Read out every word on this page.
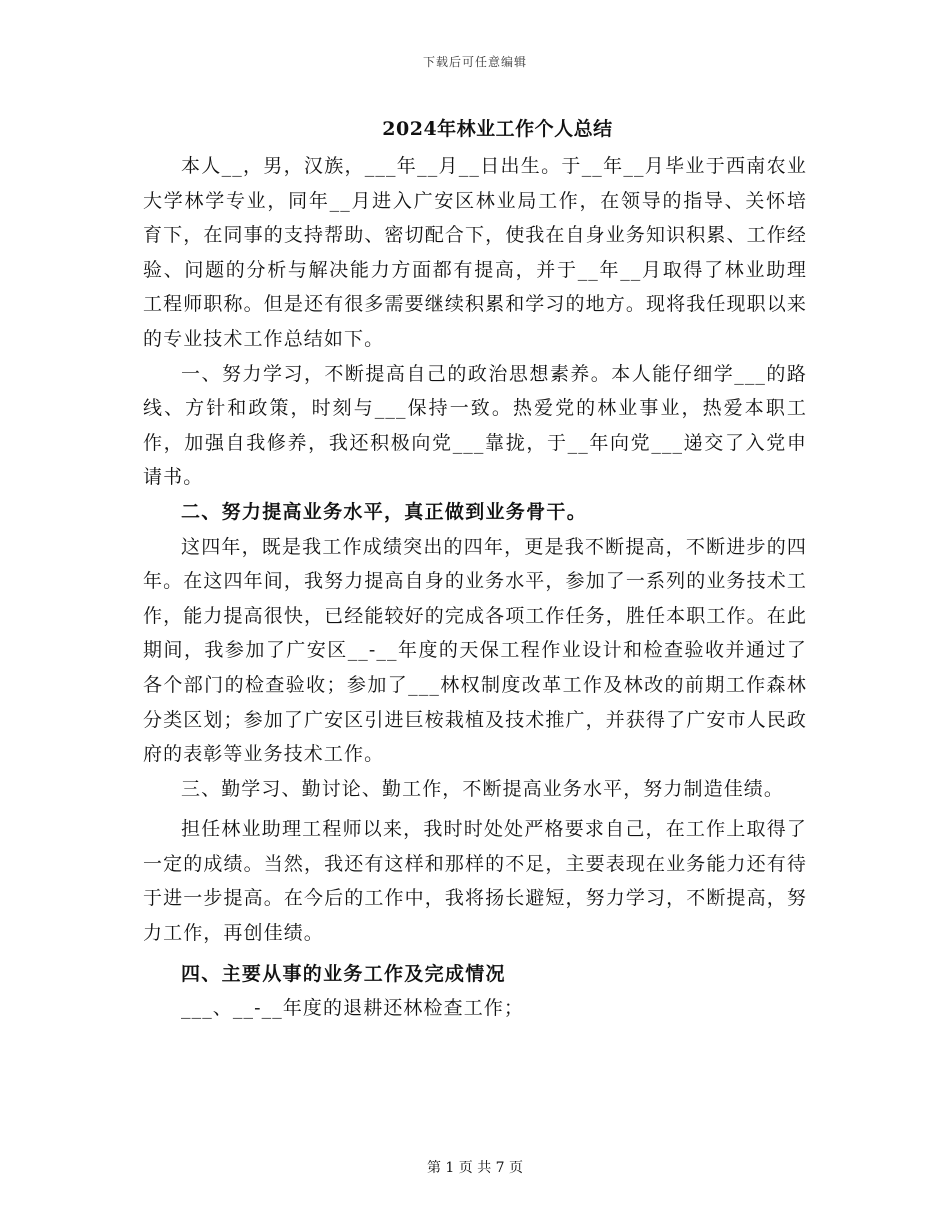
下载后可任意编辑
2024年林业工作个人总结

本人__，男，汉族，___年__月__日出生。于__年__月毕业于西南农业大学林学专业，同年__月进入广安区林业局工作，在领导的指导、关怀培育下，在同事的支持帮助、密切配合下，使我在自身业务知识积累、工作经验、问题的分析与解决能力方面都有提高，并于__年__月取得了林业助理工程师职称。但是还有很多需要继续积累和学习的地方。现将我任现职以来的专业技术工作总结如下。

一、努力学习，不断提高自己的政治思想素养。本人能仔细学___的路线、方针和政策，时刻与___保持一致。热爱党的林业事业，热爱本职工作，加强自我修养，我还积极向党___靠拢，于__年向党___递交了入党申请书。

二、努力提高业务水平，真正做到业务骨干。

这四年，既是我工作成绩突出的四年，更是我不断提高，不断进步的四年。在这四年间，我努力提高自身的业务水平，参加了一系列的业务技术工作，能力提高很快，已经能较好的完成各项工作任务，胜任本职工作。在此期间，我参加了广安区__-__年度的天保工程作业设计和检查验收并通过了各个部门的检查验收；参加了___林权制度改革工作及林改的前期工作森林分类区划；参加了广安区引进巨桉栽植及技术推广，并获得了广安市人民政府的表彰等业务技术工作。

三、勤学习、勤讨论、勤工作，不断提高业务水平，努力制造佳绩。

担任林业助理工程师以来，我时时处处严格要求自己，在工作上取得了一定的成绩。当然，我还有这样和那样的不足，主要表现在业务能力还有待于进一步提高。在今后的工作中，我将扬长避短，努力学习，不断提高，努力工作，再创佳绩。

四、主要从事的业务工作及完成情况

___、__-__年度的退耕还林检查工作；

第 1 页 共 7 页
